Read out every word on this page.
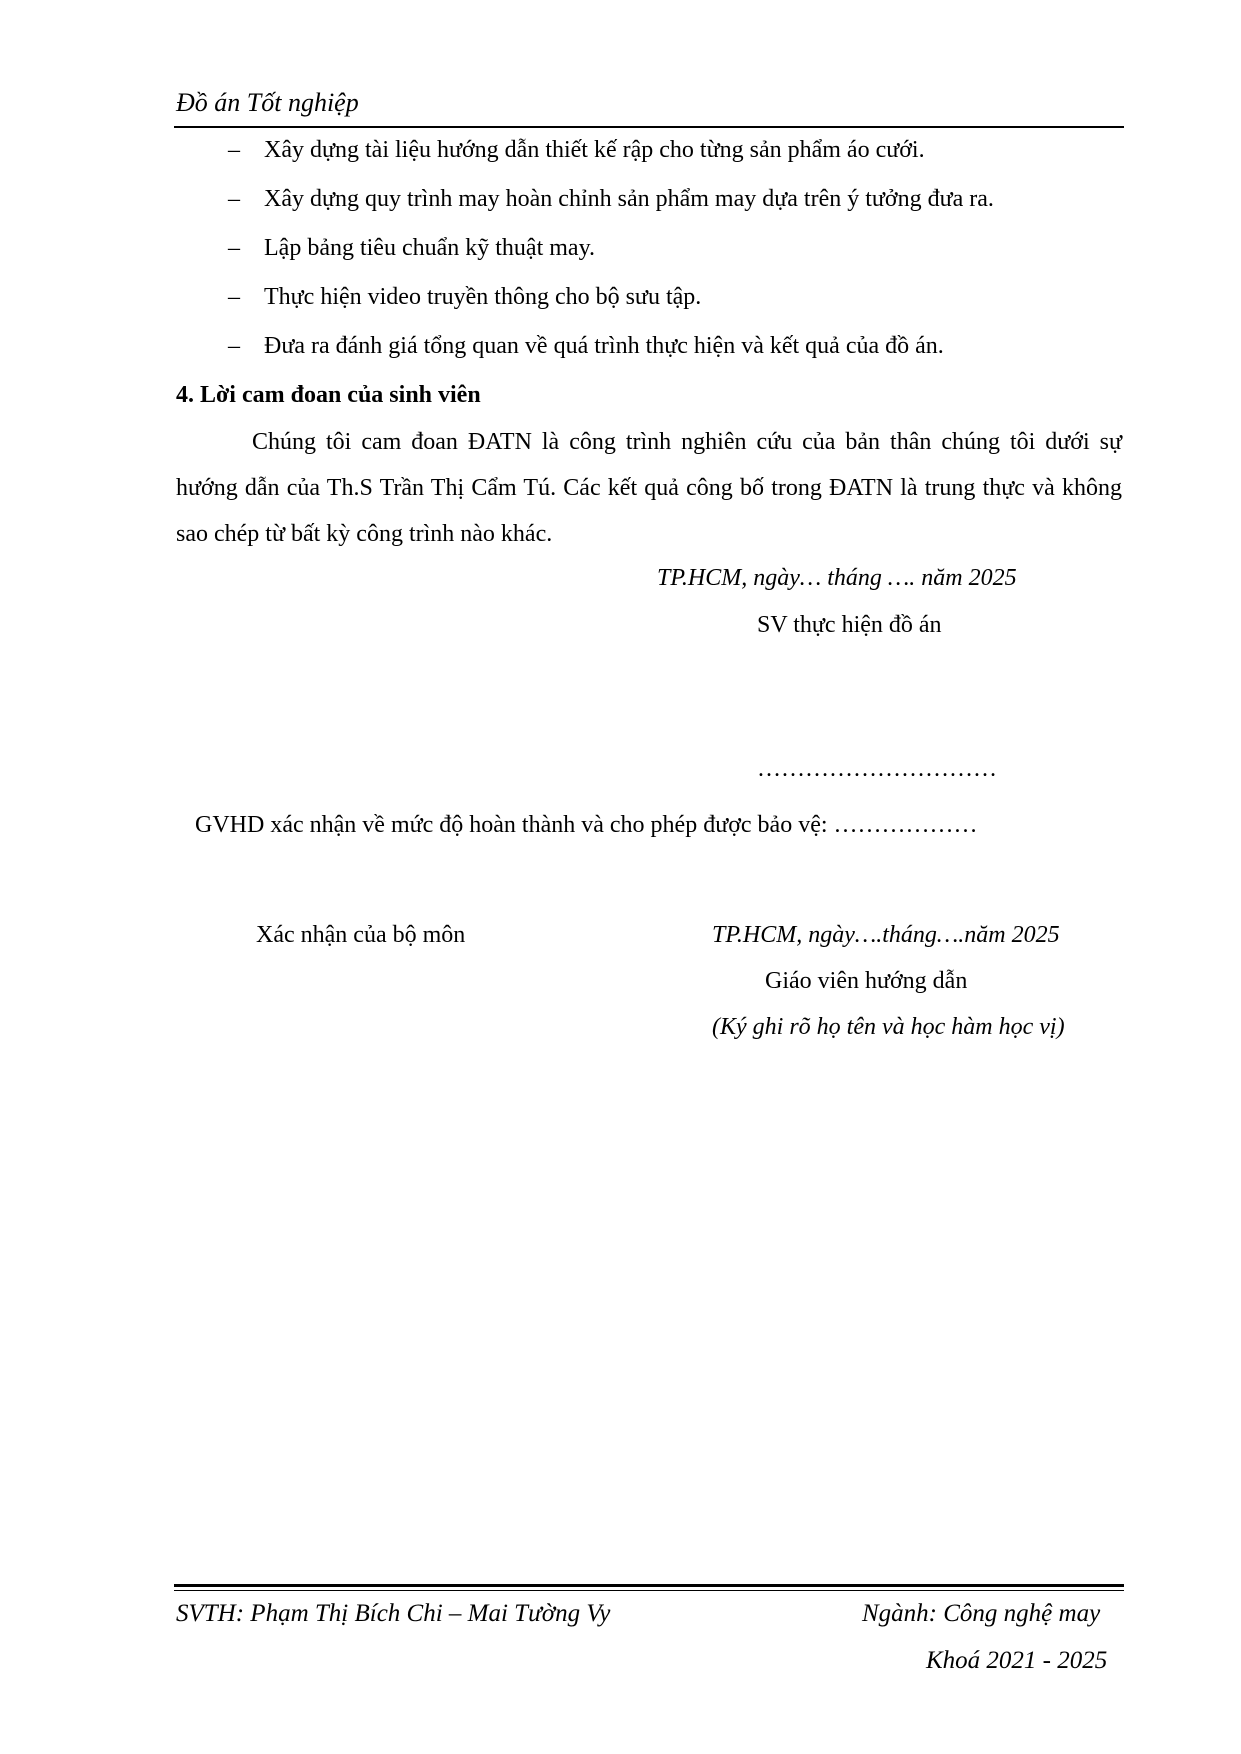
Đồ án Tốt nghiệp
– Xây dựng tài liệu hướng dẫn thiết kế rập cho từng sản phẩm áo cưới.
– Xây dựng quy trình may hoàn chỉnh sản phẩm may dựa trên ý tưởng đưa ra.
– Lập bảng tiêu chuẩn kỹ thuật may.
– Thực hiện video truyền thông cho bộ sưu tập.
– Đưa ra đánh giá tổng quan về quá trình thực hiện và kết quả của đồ án.
4. Lời cam đoan của sinh viên
Chúng tôi cam đoan ĐATN là công trình nghiên cứu của bản thân chúng tôi dưới sự hướng dẫn của Th.S Trần Thị Cẩm Tú. Các kết quả công bố trong ĐATN là trung thực và không sao chép từ bất kỳ công trình nào khác.
TP.HCM, ngày… tháng …. năm 2025
SV thực hiện đồ án
…………………………
GVHD xác nhận về mức độ hoàn thành và cho phép được bảo vệ: ………………
Xác nhận của bộ môn	TP.HCM, ngày….tháng….năm 2025
Giáo viên hướng dẫn
(Ký ghi rõ họ tên và học hàm học vị)
SVTH: Phạm Thị Bích Chi – Mai Tường Vy	Ngành: Công nghệ may
Khoá 2021 - 2025
